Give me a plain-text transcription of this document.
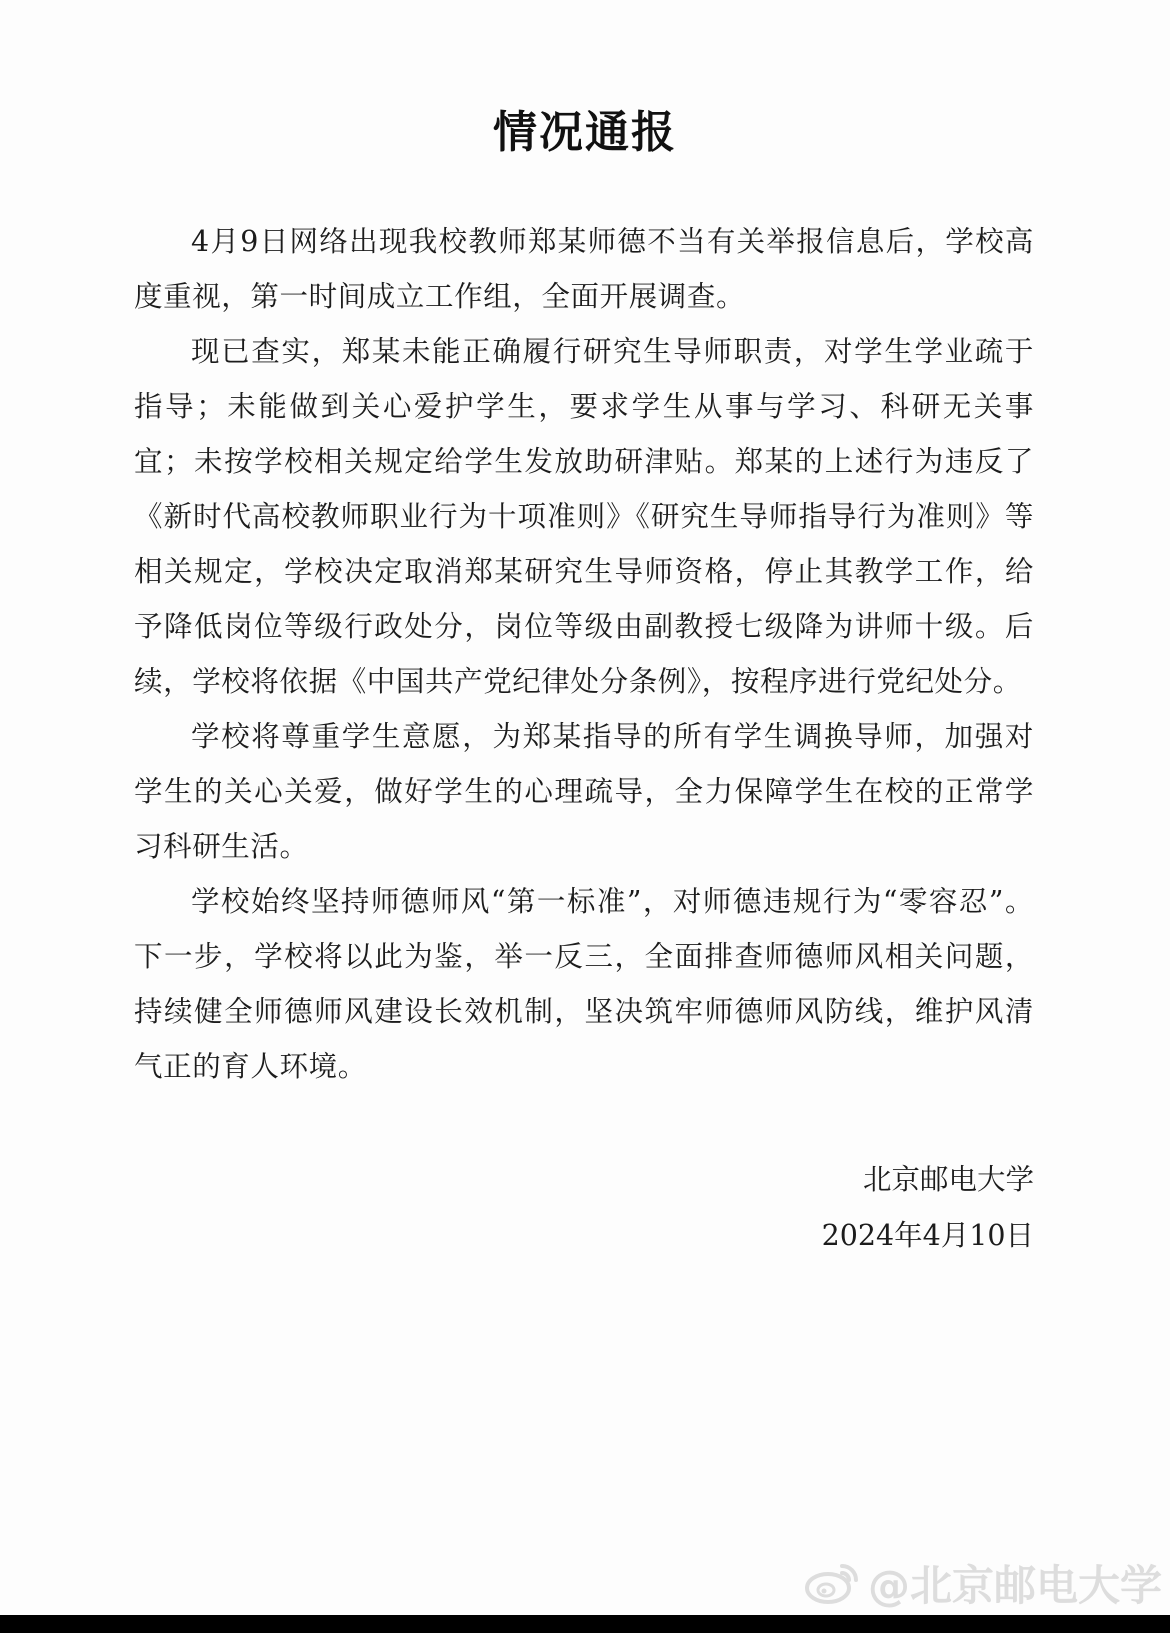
情况通报

4月9日网络出现我校教师郑某师德不当有关举报信息后，学校高度重视，第一时间成立工作组，全面开展调查。

现已查实，郑某未能正确履行研究生导师职责，对学生学业疏于指导；未能做到关心爱护学生，要求学生从事与学习、科研无关事宜；未按学校相关规定给学生发放助研津贴。郑某的上述行为违反了《新时代高校教师职业行为十项准则》《研究生导师指导行为准则》等相关规定，学校决定取消郑某研究生导师资格，停止其教学工作，给予降低岗位等级行政处分，岗位等级由副教授七级降为讲师十级。后续，学校将依据《中国共产党纪律处分条例》，按程序进行党纪处分。

学校将尊重学生意愿，为郑某指导的所有学生调换导师，加强对学生的关心关爱，做好学生的心理疏导，全力保障学生在校的正常学习科研生活。

学校始终坚持师德师风“第一标准”，对师德违规行为“零容忍”。下一步，学校将以此为鉴，举一反三，全面排查师德师风相关问题，持续健全师德师风建设长效机制，坚决筑牢师德师风防线，维护风清气正的育人环境。

北京邮电大学
2024年4月10日
@北京邮电大学
